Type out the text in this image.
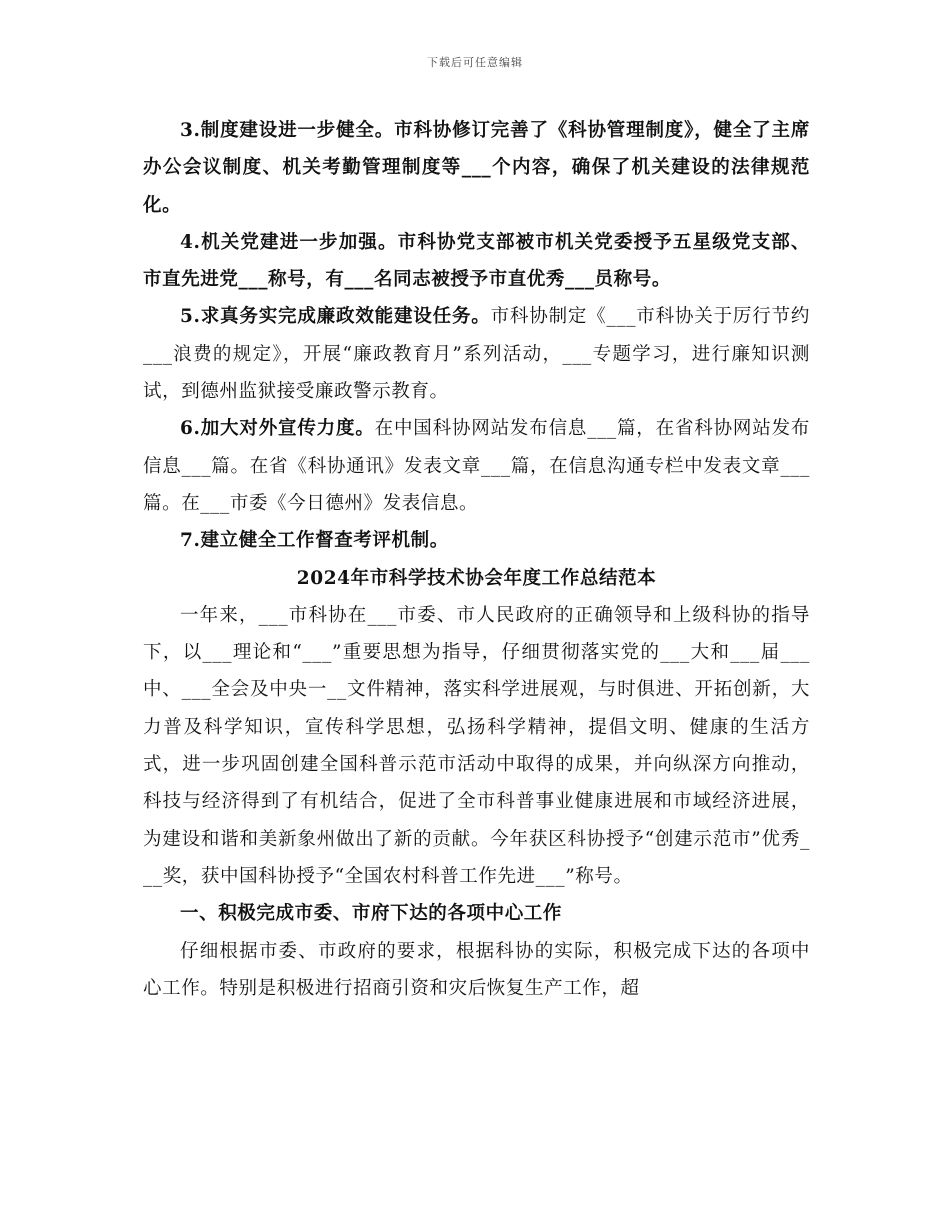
下载后可任意编辑

3.制度建设进一步健全。市科协修订完善了《科协管理制度》，健全了主席办公会议制度、机关考勤管理制度等___个内容，确保了机关建设的法律规范化。

4.机关党建进一步加强。市科协党支部被市机关党委授予五星级党支部、市直先进党___称号，有___名同志被授予市直优秀___员称号。

5.求真务实完成廉政效能建设任务。市科协制定《___市科协关于厉行节约___浪费的规定》，开展“廉政教育月”系列活动，___专题学习，进行廉知识测试，到德州监狱接受廉政警示教育。

6.加大对外宣传力度。在中国科协网站发布信息___篇，在省科协网站发布信息___篇。在省《科协通讯》发表文章___篇，在信息沟通专栏中发表文章___篇。在___市委《今日德州》发表信息。

7.建立健全工作督查考评机制。

2024年市科学技术协会年度工作总结范本

一年来，___市科协在___市委、市人民政府的正确领导和上级科协的指导下，以___理论和“___”重要思想为指导，仔细贯彻落实党的___大和___届___中、___全会及中央一__文件精神，落实科学进展观，与时俱进、开拓创新，大力普及科学知识，宣传科学思想，弘扬科学精神，提倡文明、健康的生活方式，进一步巩固创建全国科普示范市活动中取得的成果，并向纵深方向推动，科技与经济得到了有机结合，促进了全市科普事业健康进展和市域经济进展，为建设和谐和美新象州做出了新的贡献。今年获区科协授予“创建示范市”优秀___奖，获中国科协授予“全国农村科普工作先进___”称号。

一、积极完成市委、市府下达的各项中心工作

仔细根据市委、市政府的要求，根据科协的实际，积极完成下达的各项中心工作。特别是积极进行招商引资和灾后恢复生产工作，超
